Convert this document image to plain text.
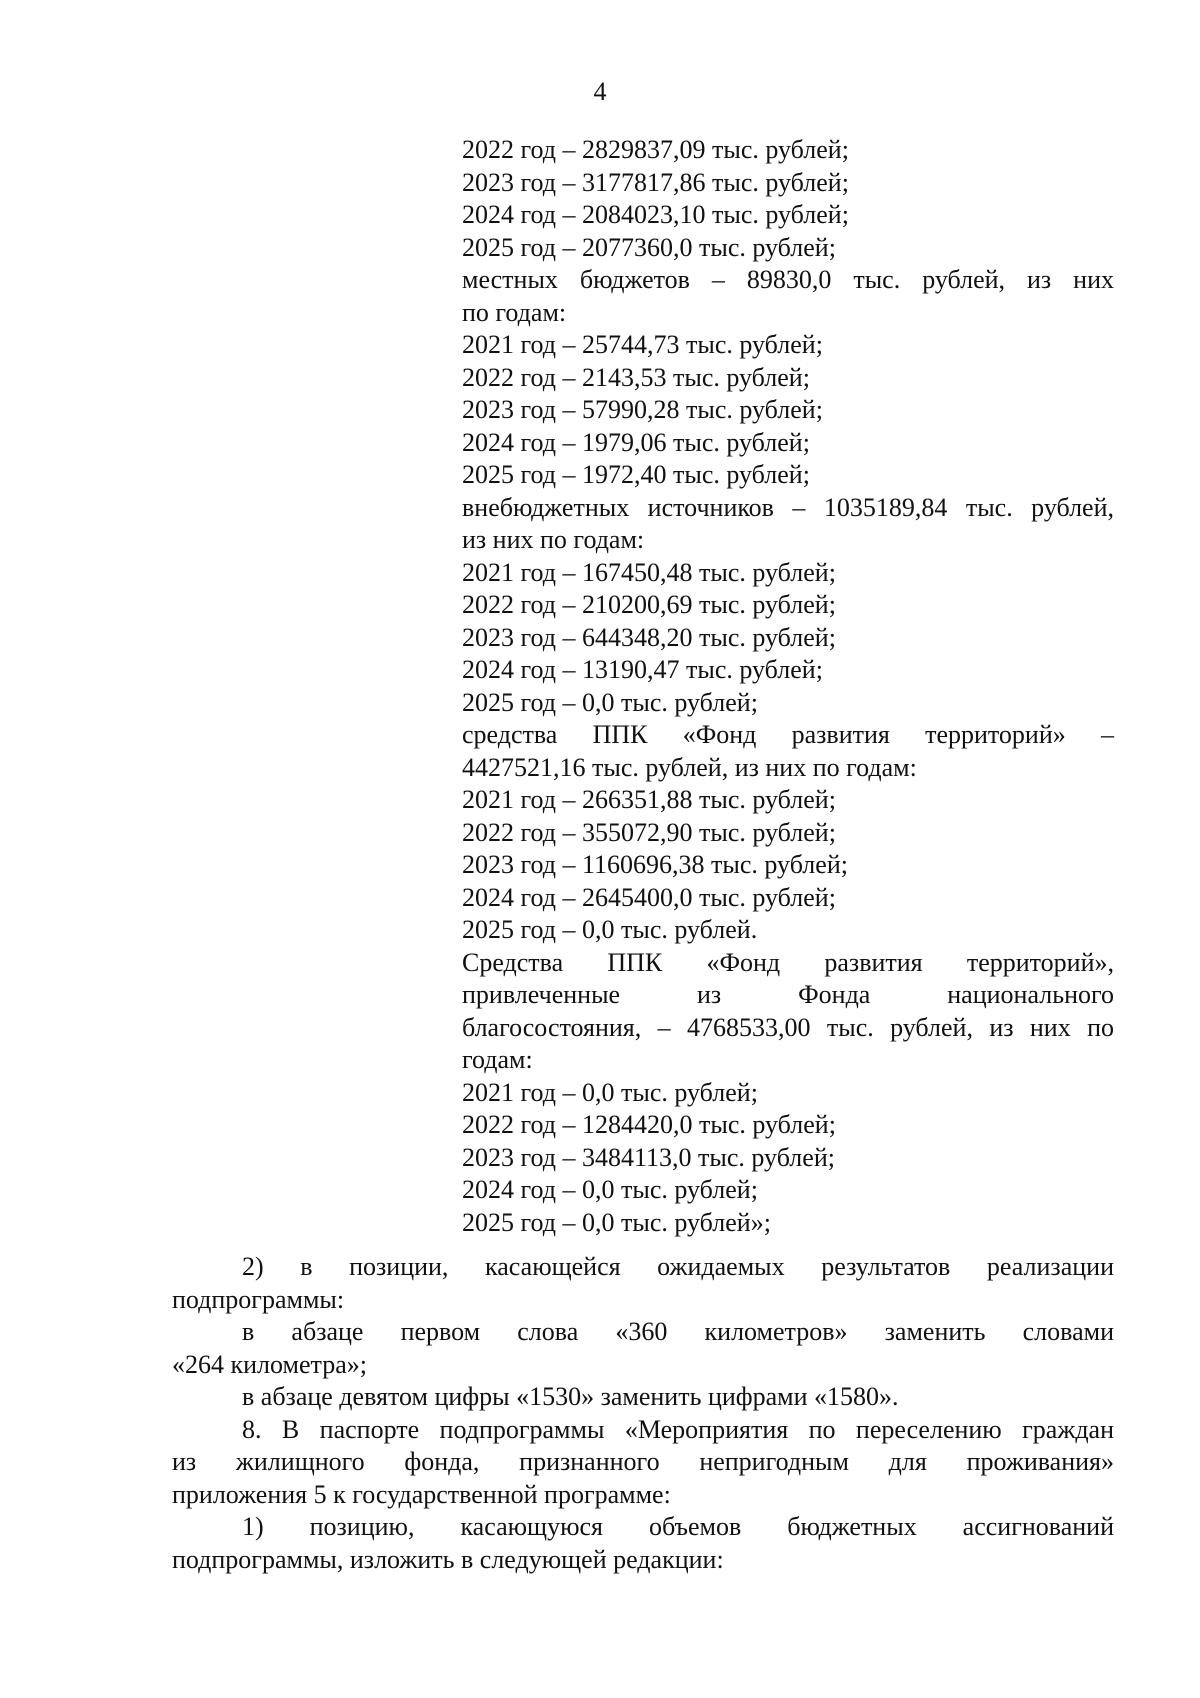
4
2022 год – 2829837,09 тыс. рублей;
2023 год – 3177817,86 тыс. рублей;
2024 год – 2084023,10 тыс. рублей;
2025 год – 2077360,0 тыс. рублей;
местных бюджетов – 89830,0 тыс. рублей, из них
по годам:
2021 год – 25744,73 тыс. рублей;
2022 год – 2143,53 тыс. рублей;
2023 год – 57990,28 тыс. рублей;
2024 год – 1979,06 тыс. рублей;
2025 год – 1972,40 тыс. рублей;
внебюджетных источников – 1035189,84 тыс. рублей,
из них по годам:
2021 год – 167450,48 тыс. рублей;
2022 год – 210200,69 тыс. рублей;
2023 год – 644348,20 тыс. рублей;
2024 год – 13190,47 тыс. рублей;
2025 год – 0,0 тыс. рублей;
средства ППК «Фонд развития территорий» –
4427521,16 тыс. рублей, из них по годам:
2021 год – 266351,88 тыс. рублей;
2022 год – 355072,90 тыс. рублей;
2023 год – 1160696,38 тыс. рублей;
2024 год – 2645400,0 тыс. рублей;
2025 год – 0,0 тыс. рублей.
Средства ППК «Фонд развития территорий»,
привлеченные из Фонда национального
благосостояния, – 4768533,00 тыс. рублей, из них по
годам:
2021 год – 0,0 тыс. рублей;
2022 год – 1284420,0 тыс. рублей;
2023 год – 3484113,0 тыс. рублей;
2024 год – 0,0 тыс. рублей;
2025 год – 0,0 тыс. рублей»;
2) в позиции, касающейся ожидаемых результатов реализации
подпрограммы:
в абзаце первом слова «360 километров» заменить словами
«264 километра»;
в абзаце девятом цифры «1530» заменить цифрами «1580».
8. В паспорте подпрограммы «Мероприятия по переселению граждан
из жилищного фонда, признанного непригодным для проживания»
приложения 5 к государственной программе:
1) позицию, касающуюся объемов бюджетных ассигнований
подпрограммы, изложить в следующей редакции:
